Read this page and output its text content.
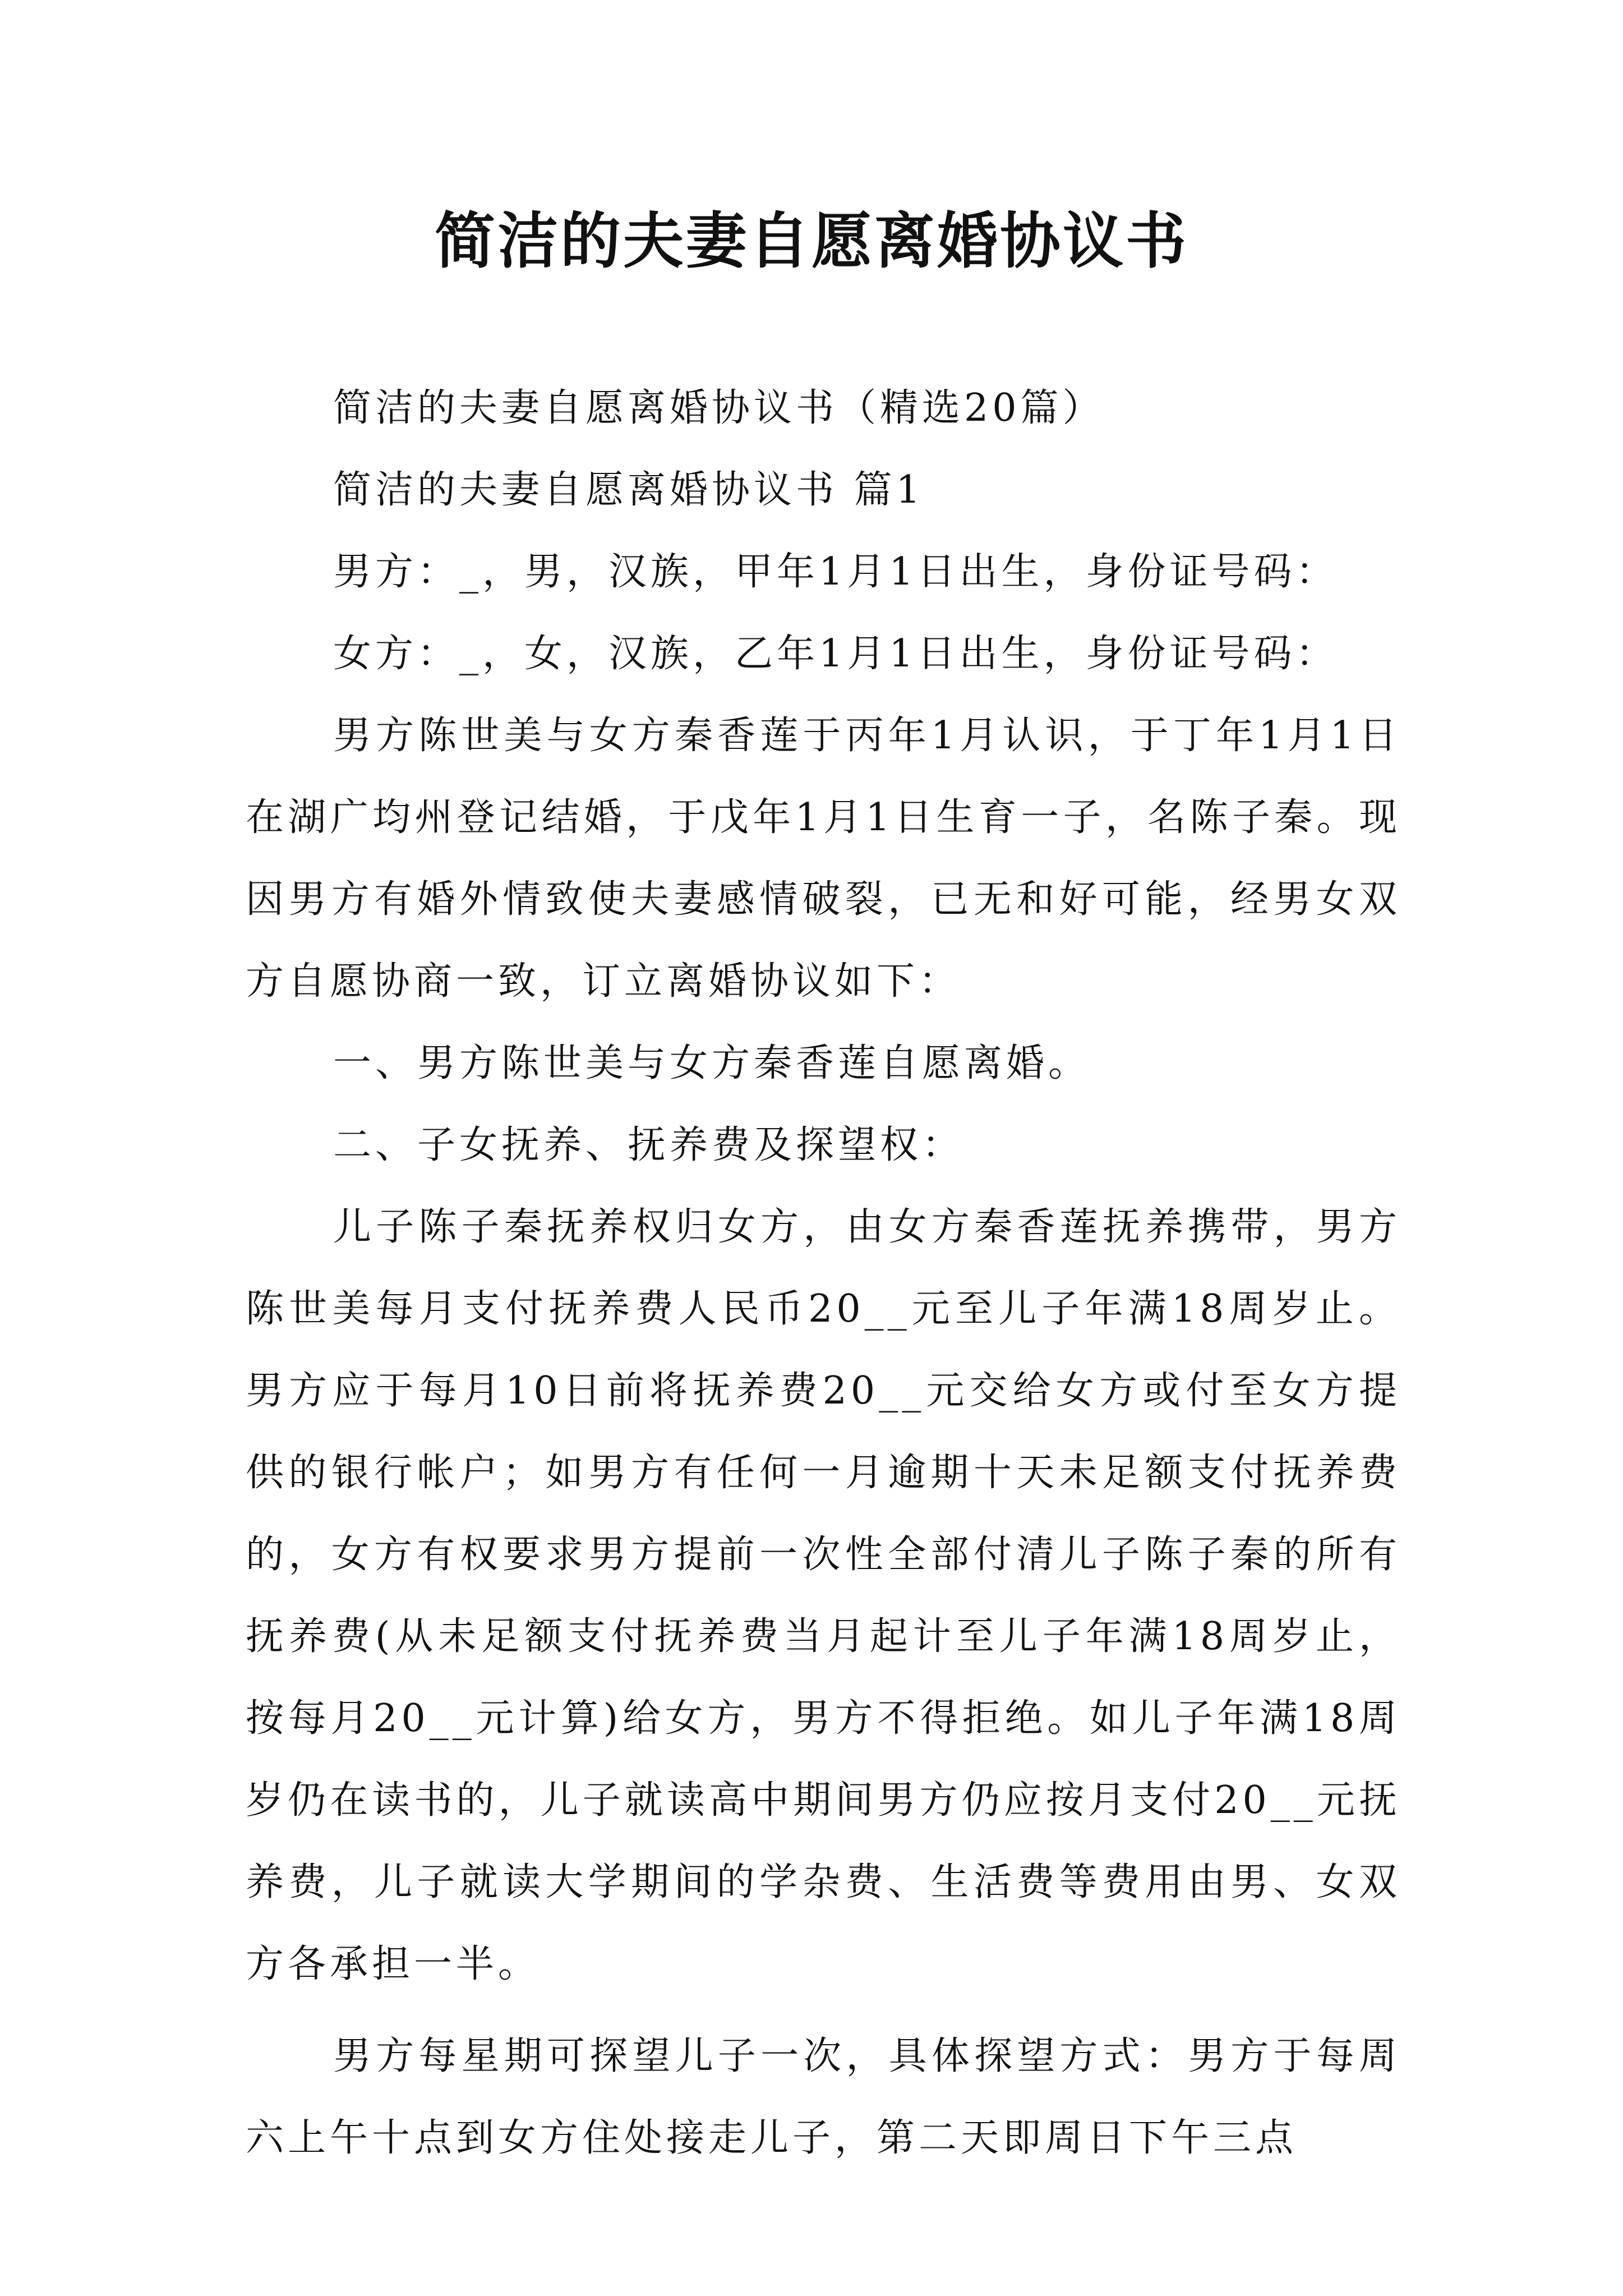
简洁的夫妻自愿离婚协议书

简洁的夫妻自愿离婚协议书（精选20篇）

简洁的夫妻自愿离婚协议书 篇1

男方：_，男，汉族，甲年1月1日出生，身份证号码：

女方：_，女，汉族，乙年1月1日出生，身份证号码：

男方陈世美与女方秦香莲于丙年1月认识，于丁年1月1日在湖广均州登记结婚，于戊年1月1日生育一子，名陈子秦。现因男方有婚外情致使夫妻感情破裂，已无和好可能，经男女双方自愿协商一致，订立离婚协议如下：

一、男方陈世美与女方秦香莲自愿离婚。

二、子女抚养、抚养费及探望权：

儿子陈子秦抚养权归女方，由女方秦香莲抚养携带，男方陈世美每月支付抚养费人民币20__元至儿子年满18周岁止。男方应于每月10日前将抚养费20__元交给女方或付至女方提供的银行帐户；如男方有任何一月逾期十天未足额支付抚养费的，女方有权要求男方提前一次性全部付清儿子陈子秦的所有抚养费(从未足额支付抚养费当月起计至儿子年满18周岁止，按每月20__元计算)给女方，男方不得拒绝。如儿子年满18周岁仍在读书的，儿子就读高中期间男方仍应按月支付20__元抚养费，儿子就读大学期间的学杂费、生活费等费用由男、女双方各承担一半。

男方每星期可探望儿子一次，具体探望方式：男方于每周六上午十点到女方住处接走儿子，第二天即周日下午三点
